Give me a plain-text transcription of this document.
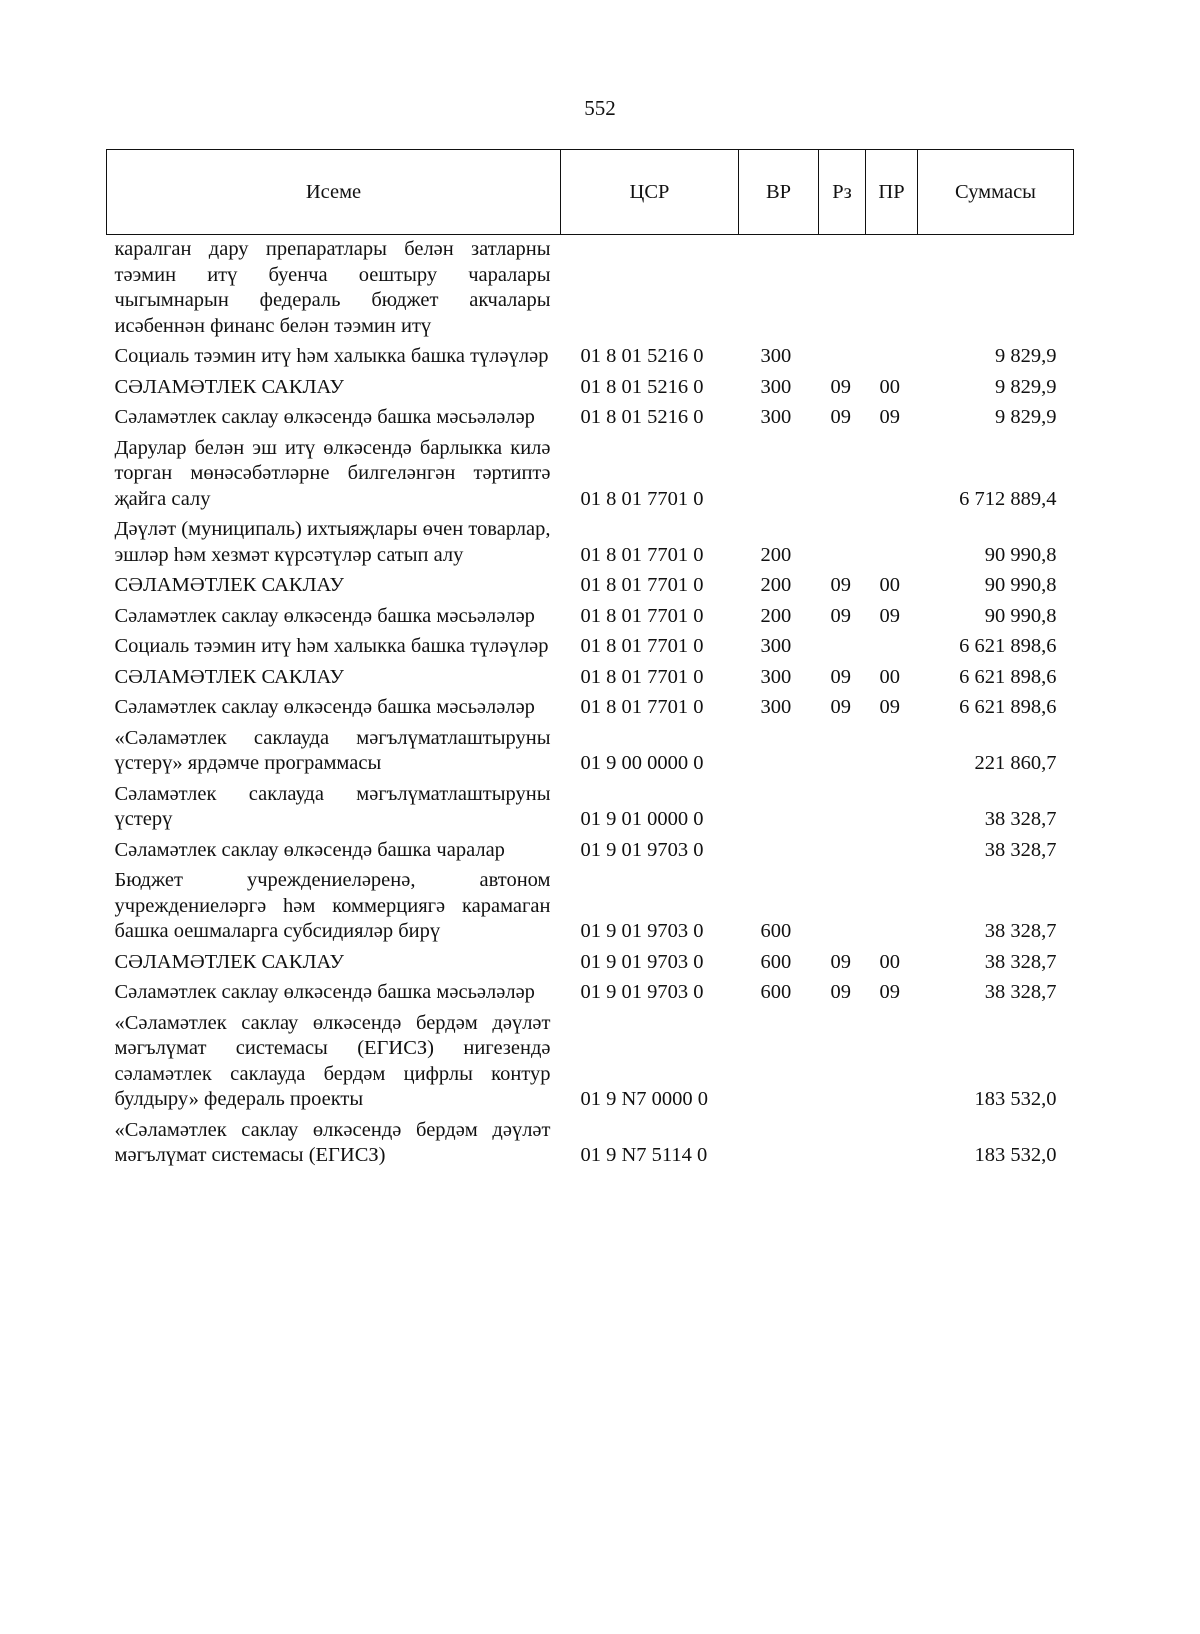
552
Исеме	ЦСР	ВР	Рз	ПР	Суммасы
каралган дару препаратлары белән затларны тәэмин итү буенча оештыру чаралары чыгымнарын федераль бюджет акчалары исәбеннән финанс белән тәэмин итү					
Социаль тәэмин итү һәм халыкка башка түләүләр	01 8 01 5216 0	300			9 829,9
СӘЛАМӘТЛЕК САКЛАУ	01 8 01 5216 0	300	09	00	9 829,9
Сәламәтлек саклау өлкәсендә башка мәсьәләләр	01 8 01 5216 0	300	09	09	9 829,9
Дарулар белән эш итү өлкәсендә барлыкка килә торган мөнәсәбәтләрне билгеләнгән тәртиптә җайга салу	01 8 01 7701 0				6 712 889,4
Дәүләт (муниципаль) ихтыяҗлары өчен товарлар, эшләр һәм хезмәт күрсәтүләр сатып алу	01 8 01 7701 0	200			90 990,8
СӘЛАМӘТЛЕК САКЛАУ	01 8 01 7701 0	200	09	00	90 990,8
Сәламәтлек саклау өлкәсендә башка мәсьәләләр	01 8 01 7701 0	200	09	09	90 990,8
Социаль тәэмин итү һәм халыкка башка түләүләр	01 8 01 7701 0	300			6 621 898,6
СӘЛАМӘТЛЕК САКЛАУ	01 8 01 7701 0	300	09	00	6 621 898,6
Сәламәтлек саклау өлкәсендә башка мәсьәләләр	01 8 01 7701 0	300	09	09	6 621 898,6
«Сәламәтлек саклауда мәгълүматлаштыруны үстерү» ярдәмче программасы	01 9 00 0000 0				221 860,7
Сәламәтлек саклауда мәгълүматлаштыруны үстерү	01 9 01 0000 0				38 328,7
Сәламәтлек саклау өлкәсендә башка чаралар	01 9 01 9703 0				38 328,7
Бюджет учреждениеләренә, автоном учреждениеләргә һәм коммерциягә карамаган башка оешмаларга субсидияләр бирү	01 9 01 9703 0	600			38 328,7
СӘЛАМӘТЛЕК САКЛАУ	01 9 01 9703 0	600	09	00	38 328,7
Сәламәтлек саклау өлкәсендә башка мәсьәләләр	01 9 01 9703 0	600	09	09	38 328,7
«Сәламәтлек саклау өлкәсендә бердәм дәүләт мәгълүмат системасы (ЕГИСЗ) нигезендә сәламәтлек саклауда бердәм цифрлы контур булдыру» федераль проекты	01 9 N7 0000 0				183 532,0
«Сәламәтлек саклау өлкәсендә бердәм дәүләт мәгълүмат системасы (ЕГИСЗ)	01 9 N7 5114 0				183 532,0
